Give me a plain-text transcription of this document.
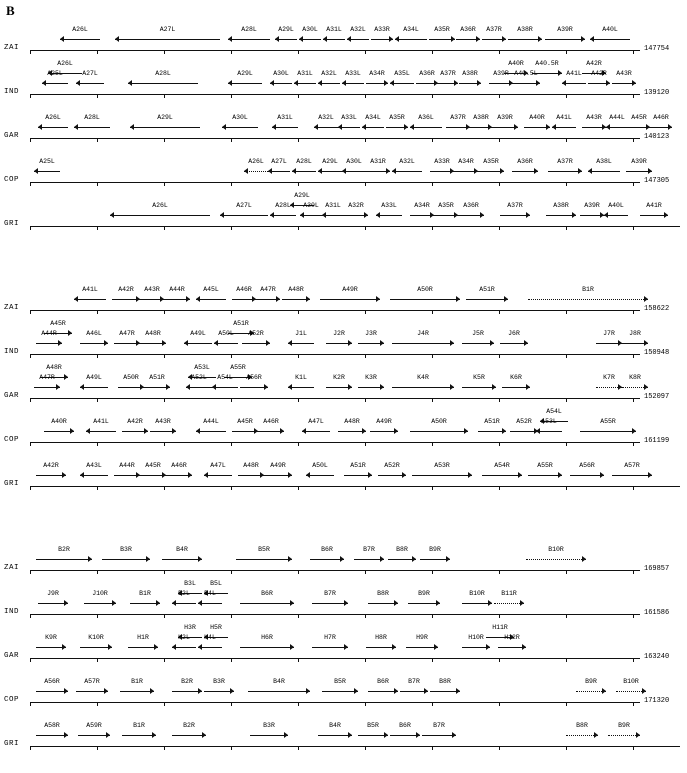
B
ZAI	147754
A26L	A27L	A28L	A29L A30L A31L A32L A33R A34L A35R A36R A37R A38R	A39R	A40L
IND	139120
A26L
A25L	A27L	A28L	A29L	A30L A31L A32L A33L A34R A35L A36R A37R A38R A39R A40.5L
A40R A40.5R
A41L
A42R
A42R A43R
GAR	140123
A26L	A28L	A29L	A30L	A31L	A32L A33L A34L A35R A36L	A37R A38R A39R	A40R A41L A43R A44L A45R A46R
COP	147305
A25L	A26L A27L A28L A29L A30L A31R A32L	A33R A34R A35R	A36R	A37R	A38L	A39R
GRI
A26L	A27L	A28L
A29L
A30L A31L A32R	A33L	A34R A35R A36R	A37R	A38R A39R A40L	A41R
ZAI	158622
A41L	A42R A43R A44R	A45L	A46R A47R A48R	A49R	A50R	A51R	B1R
IND	150948
A45R
A44R	A46L	A47R A48R	A49L A50L
A51R
A52R	J1L	J2R	J3R	J4R	J5R	J6R	J7R J8R
GAR	152097
A48R
A47R	A49L	A50R A51R
A53L	A55R
A52L A54L A56R	K1L	K2R	K3R	K4R	K5R	K6R	K7R K8R
COP	161199
A40R	A41L	A42R A43R	A44L	A45R A46R	A47L	A48R	A49R	A50R	A51R	A52R
A54L
A53L	A55R
GRI
A42R	A43L	A44R A45R A46R	A47L	A48R A49R	A50L	A51R	A52R	A53R	A54R	A55R	A56R	A57R
ZAI	169857
B2R	B3R	B4R	B5R	B6R	B7R	B8R	B9R	B10R
IND	161586
J9R	J10R	B1R
B3L B5L
B2L B4L	B6R	B7R	B8R	B9R	B10R	B11R
GAR	163240
K9R	K10R	H1R
H3R H5R
H2L H4L	H6R	H7R	H8R	H9R	H10R
H11R
H12R
COP	171320
A56R	A57R	B1R	B2R	B3R	B4R	B5R	B6R	B7R	B8R	B9R	B10R
GRI
A58R	A59R	B1R	B2R	B3R	B4R	B5R	B6R	B7R	B8R	B9R
